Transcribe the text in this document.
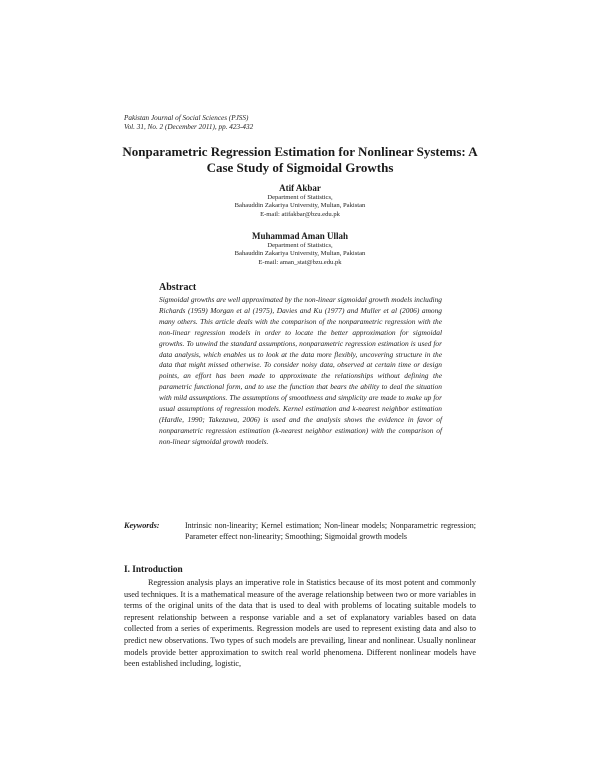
Pakistan Journal of Social Sciences (PJSS)
Vol. 31, No. 2 (December 2011), pp. 423-432
Nonparametric Regression Estimation for Nonlinear Systems: A Case Study of Sigmoidal Growths
Atif Akbar
Department of Statistics,
Bahauddin Zakariya University, Multan, Pakistan
E-mail: atifakbar@bzu.edu.pk
Muhammad Aman Ullah
Department of Statistics,
Bahauddin Zakariya University, Multan, Pakistan
E-mail: aman_stat@bzu.edu.pk
Abstract
Sigmoidal growths are well approximated by the non-linear sigmoidal growth models including Richards (1959) Morgan et al (1975), Davies and Ku (1977) and Muller et al (2006) among many others. This article deals with the comparison of the nonparametric regression with the non-linear regression models in order to locate the better approximation for sigmoidal growths. To unwind the standard assumptions, nonparametric regression estimation is used for data analysis, which enables us to look at the data more flexibly, uncovering structure in the data that might missed otherwise. To consider noisy data, observed at certain time or design points, an effort has been made to approximate the relationships without defining the parametric functional form, and to use the function that bears the ability to deal the situation with mild assumptions. The assumptions of smoothness and simplicity are made to make up for usual assumptions of regression models. Kernel estimation and k-nearest neighbor estimation (Hardle, 1990; Takezawa, 2006) is used and the analysis shows the evidence in favor of nonparametric regression estimation (k-nearest neighbor estimation) with the comparison of non-linear sigmoidal growth models.
Keywords:	Intrinsic non-linearity; Kernel estimation; Non-linear models; Nonparametric regression; Parameter effect non-linearity; Smoothing; Sigmoidal growth models
I. Introduction
Regression analysis plays an imperative role in Statistics because of its most potent and commonly used techniques. It is a mathematical measure of the average relationship between two or more variables in terms of the original units of the data that is used to deal with problems of locating suitable models to represent relationship between a response variable and a set of explanatory variables based on data collected from a series of experiments. Regression models are used to represent existing data and also to predict new observations. Two types of such models are prevailing, linear and nonlinear. Usually nonlinear models provide better approximation to switch real world phenomena. Different nonlinear models have been established including, logistic,
